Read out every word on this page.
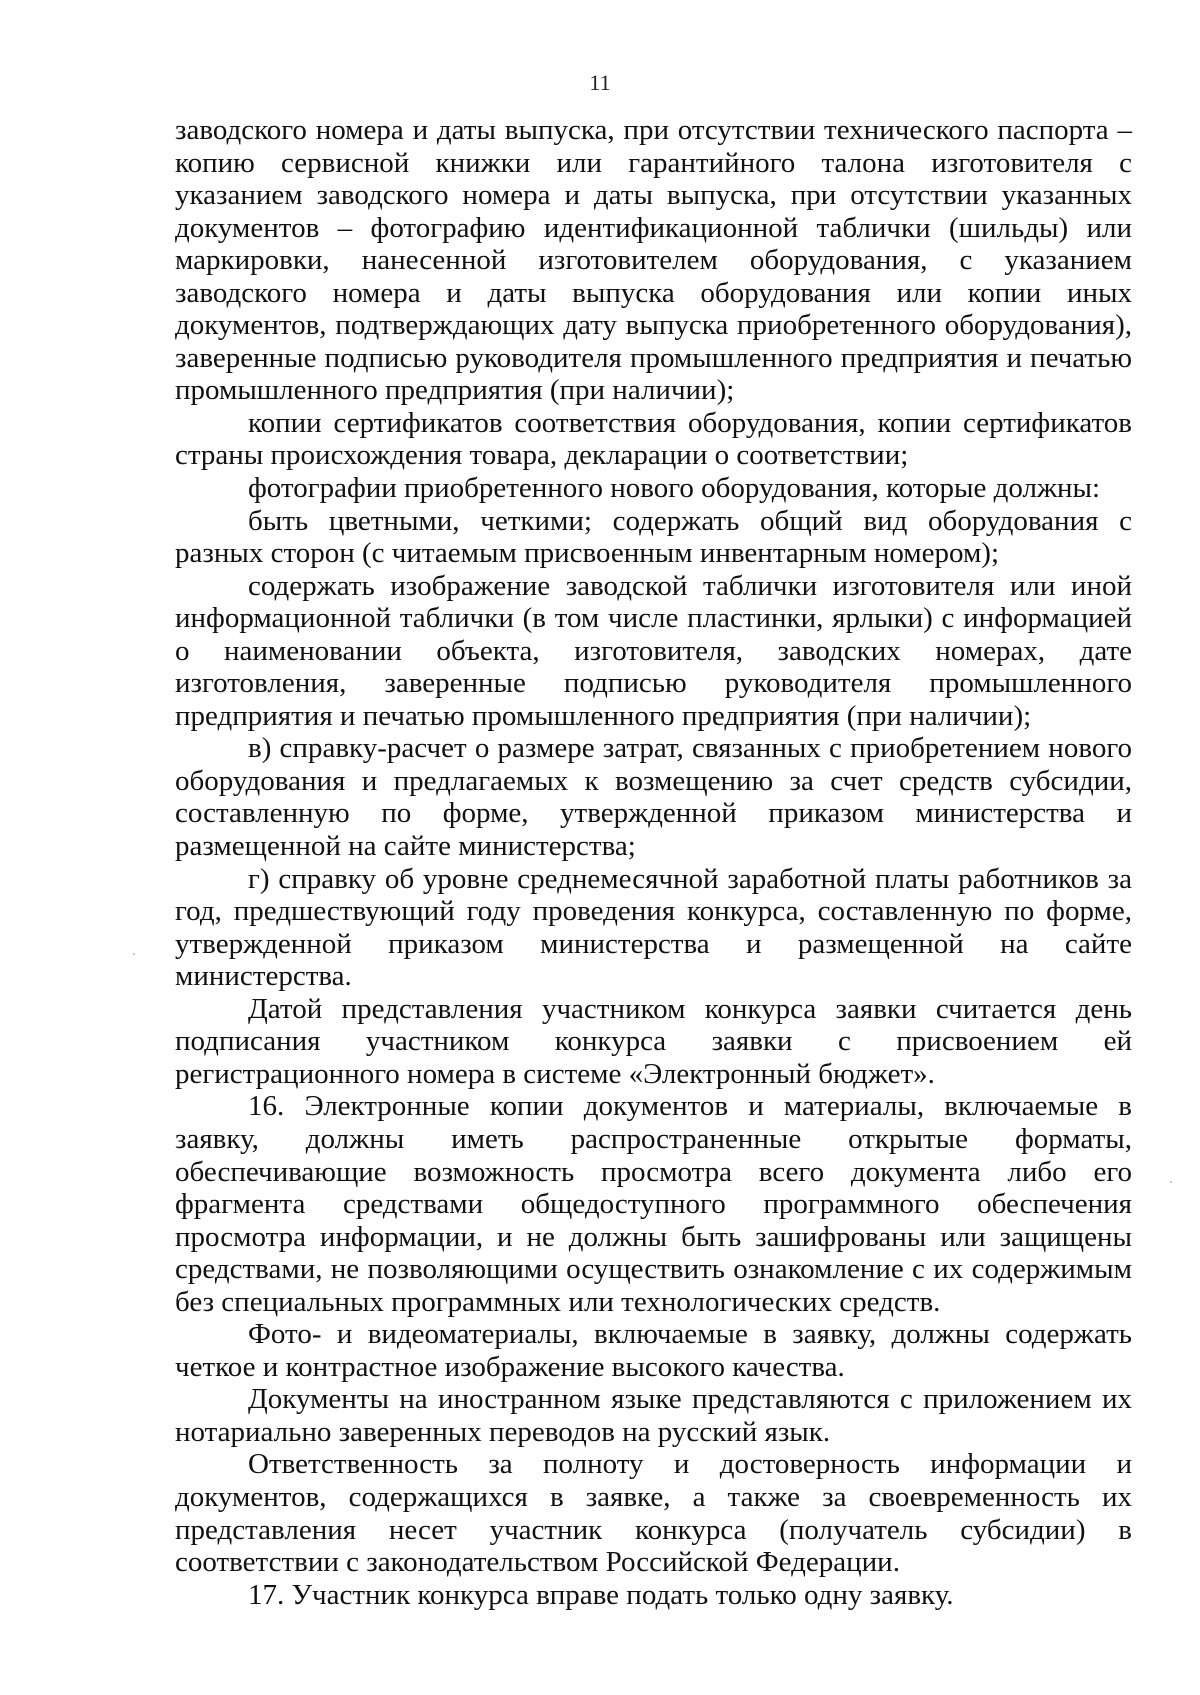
11

заводского номера и даты выпуска, при отсутствии технического паспорта – копию сервисной книжки или гарантийного талона изготовителя с указанием заводского номера и даты выпуска, при отсутствии указанных документов – фотографию идентификационной таблички (шильды) или маркировки, нанесенной изготовителем оборудования, с указанием заводского номера и даты выпуска оборудования или копии иных документов, подтверждающих дату выпуска приобретенного оборудования), заверенные подписью руководителя промышленного предприятия и печатью промышленного предприятия (при наличии);

копии сертификатов соответствия оборудования, копии сертификатов страны происхождения товара, декларации о соответствии;

фотографии приобретенного нового оборудования, которые должны:

быть цветными, четкими; содержать общий вид оборудования с разных сторон (с читаемым присвоенным инвентарным номером);

содержать изображение заводской таблички изготовителя или иной информационной таблички (в том числе пластинки, ярлыки) с информацией о наименовании объекта, изготовителя, заводских номерах, дате изготовления, заверенные подписью руководителя промышленного предприятия и печатью промышленного предприятия (при наличии);

в) справку-расчет о размере затрат, связанных с приобретением нового оборудования и предлагаемых к возмещению за счет средств субсидии, составленную по форме, утвержденной приказом министерства и размещенной на сайте министерства;

г) справку об уровне среднемесячной заработной платы работников за год, предшествующий году проведения конкурса, составленную по форме, утвержденной приказом министерства и размещенной на сайте министерства.

Датой представления участником конкурса заявки считается день подписания участником конкурса заявки с присвоением ей регистрационного номера в системе «Электронный бюджет».

16. Электронные копии документов и материалы, включаемые в заявку, должны иметь распространенные открытые форматы, обеспечивающие возможность просмотра всего документа либо его фрагмента средствами общедоступного программного обеспечения просмотра информации, и не должны быть зашифрованы или защищены средствами, не позволяющими осуществить ознакомление с их содержимым без специальных программных или технологических средств.

Фото- и видеоматериалы, включаемые в заявку, должны содержать четкое и контрастное изображение высокого качества.

Документы на иностранном языке представляются с приложением их нотариально заверенных переводов на русский язык.

Ответственность за полноту и достоверность информации и документов, содержащихся в заявке, а также за своевременность их представления несет участник конкурса (получатель субсидии) в соответствии с законодательством Российской Федерации.

17. Участник конкурса вправе подать только одну заявку.
